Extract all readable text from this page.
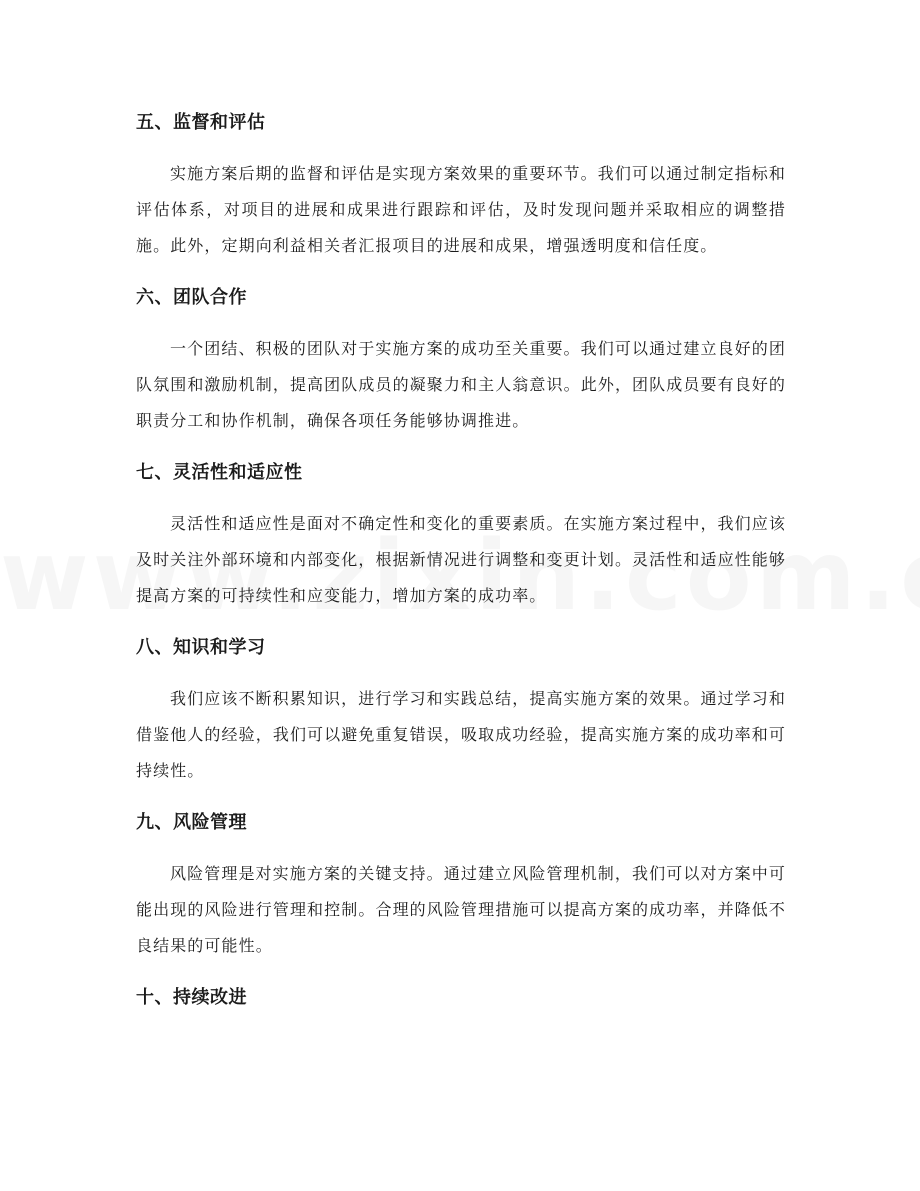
五、监督和评估

实施方案后期的监督和评估是实现方案效果的重要环节。我们可以通过制定指标和评估体系，对项目的进展和成果进行跟踪和评估，及时发现问题并采取相应的调整措施。此外，定期向利益相关者汇报项目的进展和成果，增强透明度和信任度。

六、团队合作

一个团结、积极的团队对于实施方案的成功至关重要。我们可以通过建立良好的团队氛围和激励机制，提高团队成员的凝聚力和主人翁意识。此外，团队成员要有良好的职责分工和协作机制，确保各项任务能够协调推进。

七、灵活性和适应性

灵活性和适应性是面对不确定性和变化的重要素质。在实施方案过程中，我们应该及时关注外部环境和内部变化，根据新情况进行调整和变更计划。灵活性和适应性能够提高方案的可持续性和应变能力，增加方案的成功率。

八、知识和学习

我们应该不断积累知识，进行学习和实践总结，提高实施方案的效果。通过学习和借鉴他人的经验，我们可以避免重复错误，吸取成功经验，提高实施方案的成功率和可持续性。

九、风险管理

风险管理是对实施方案的关键支持。通过建立风险管理机制，我们可以对方案中可能出现的风险进行管理和控制。合理的风险管理措施可以提高方案的成功率，并降低不良结果的可能性。

十、持续改进
